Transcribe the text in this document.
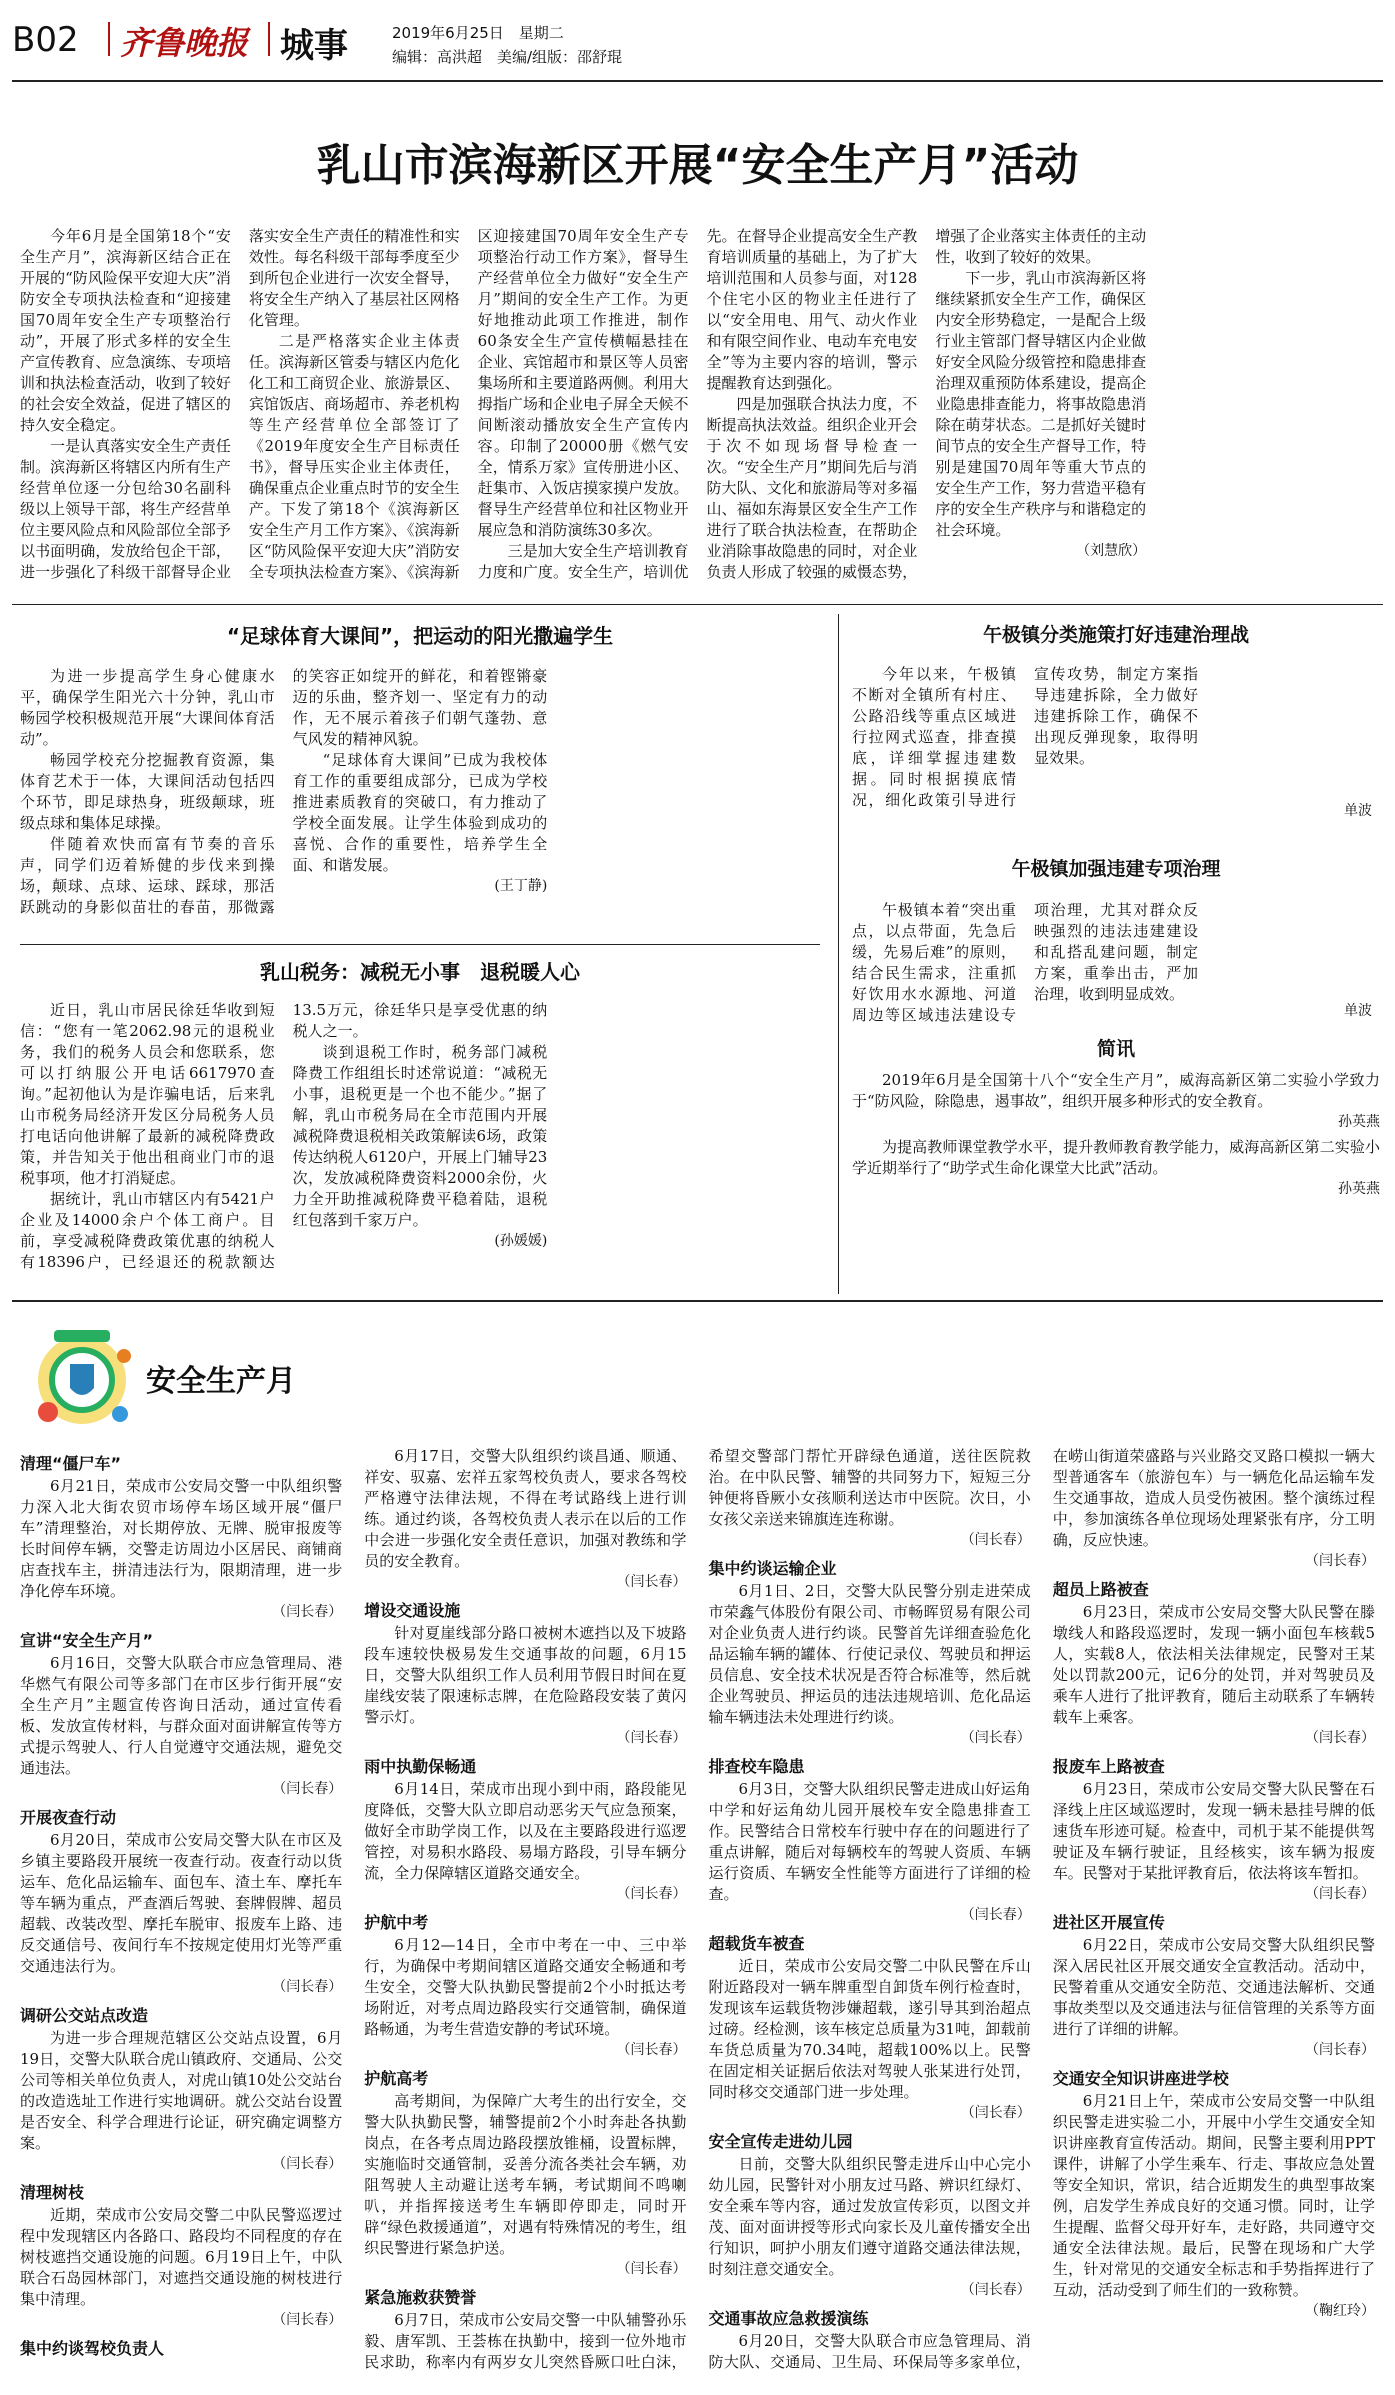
B02 齐鲁晚报 城事	2019年6月25日　星期二
编辑：高洪超　美编/组版：邵舒琨
乳山市滨海新区开展“安全生产月”活动

今年6月是全国第18个“安全生产月”，滨海新区结合正在开展的“防风险保平安迎大庆”消防安全专项执法检查和“迎接建国70周年安全生产专项整治行动”，开展了形式多样的安全生产宣传教育、应急演练、专项培训和执法检查活动，收到了较好的社会安全效益，促进了辖区的持久安全稳定。

一是认真落实安全生产责任制。滨海新区将辖区内所有生产经营单位逐一分包给30名副科级以上领导干部，将生产经营单位主要风险点和风险部位全部予以书面明确，发放给包企干部，进一步强化了科级干部督导企业落实安全生产责任的精准性和实效性。每名科级干部每季度至少到所包企业进行一次安全督导，将安全生产纳入了基层社区网格化管理。

二是严格落实企业主体责任。滨海新区管委与辖区内危化化工和工商贸企业、旅游景区、宾馆饭店、商场超市、养老机构等生产经营单位全部签订了《2019年度安全生产目标责任书》，督导压实企业主体责任，确保重点企业重点时节的安全生产。下发了第18个《滨海新区安全生产月工作方案》、《滨海新区“防风险保平安迎大庆”消防安全专项执法检查方案》、《滨海新区迎接建国70周年安全生产专项整治行动工作方案》，督导生产经营单位全力做好“安全生产月”期间的安全生产工作。为更好地推动此项工作推进，制作60条安全生产宣传横幅悬挂在企业、宾馆超市和景区等人员密集场所和主要道路两侧。利用大拇指广场和企业电子屏全天候不间断滚动播放安全生产宣传内容。印制了20000册《燃气安全，情系万家》宣传册进小区、赶集市、入饭店摸家摸户发放。督导生产经营单位和社区物业开展应急和消防演练30多次。

三是加大安全生产培训教育力度和广度。安全生产，培训优先。在督导企业提高安全生产教育培训质量的基础上，为了扩大培训范围和人员参与面，对128个住宅小区的物业主任进行了以“安全用电、用气、动火作业和有限空间作业、电动车充电安全”等为主要内容的培训，警示提醒教育达到强化。

四是加强联合执法力度，不断提高执法效益。组织企业开会于次不如现场督导检查一次。“安全生产月”期间先后与消防大队、文化和旅游局等对多福山、福如东海景区安全生产工作进行了联合执法检查，在帮助企业消除事故隐患的同时，对企业负责人形成了较强的威慑态势，增强了企业落实主体责任的主动性，收到了较好的效果。

下一步，乳山市滨海新区将继续紧抓安全生产工作，确保区内安全形势稳定，一是配合上级行业主管部门督导辖区内企业做好安全风险分级管控和隐患排查治理双重预防体系建设，提高企业隐患排查能力，将事故隐患消除在萌芽状态。二是抓好关键时间节点的安全生产督导工作，特别是建国70周年等重大节点的安全生产工作，努力营造平稳有序的安全生产秩序与和谐稳定的社会环境。

（刘慧欣）
“足球体育大课间”，把运动的阳光撒遍学生

为进一步提高学生身心健康水平，确保学生阳光六十分钟，乳山市畅园学校积极规范开展“大课间体育活动”。

畅园学校充分挖掘教育资源，集体育艺术于一体，大课间活动包括四个环节，即足球热身，班级颠球，班级点球和集体足球操。

伴随着欢快而富有节奏的音乐声，同学们迈着矫健的步伐来到操场，颠球、点球、运球、踩球，那活跃跳动的身影似苗壮的春苗，那微露的笑容正如绽开的鲜花，和着铿锵豪迈的乐曲，整齐划一、坚定有力的动作，无不展示着孩子们朝气蓬勃、意气风发的精神风貌。

“足球体育大课间”已成为我校体育工作的重要组成部分，已成为学校推进素质教育的突破口，有力推动了学校全面发展。让学生体验到成功的喜悦、合作的重要性，培养学生全面、和谐发展。

(王丁静)
乳山税务：减税无小事　退税暖人心

近日，乳山市居民徐廷华收到短信：“您有一笔2062.98元的退税业务，我们的税务人员会和您联系，您可以打纳服公开电话6617970查询。”起初他认为是诈骗电话，后来乳山市税务局经济开发区分局税务人员打电话向他讲解了最新的减税降费政策，并告知关于他出租商业门市的退税事项，他才打消疑虑。

据统计，乳山市辖区内有5421户企业及14000余户个体工商户。目前，享受减税降费政策优惠的纳税人有18396户，已经退还的税款额达13.5万元，徐廷华只是享受优惠的纳税人之一。

谈到退税工作时，税务部门减税降费工作组组长时述常说道：“减税无小事，退税更是一个也不能少。”据了解，乳山市税务局在全市范围内开展减税降费退税相关政策解读6场，政策传达纳税人6120户，开展上门辅导23次，发放减税降费资料2000余份，火力全开助推减税降费平稳着陆，退税红包落到千家万户。

(孙媛媛)
午极镇分类施策打好违建治理战

今年以来，午极镇不断对全镇所有村庄、公路沿线等重点区域进行拉网式巡查，排查摸底，详细掌握违建数据。同时根据摸底情况，细化政策引导进行宣传攻势，制定方案指导违建拆除，全力做好违建拆除工作，确保不出现反弹现象，取得明显效果。

单波
午极镇加强违建专项治理

午极镇本着“突出重点，以点带面，先急后缓，先易后难”的原则，结合民生需求，注重抓好饮用水水源地、河道周边等区域违法建设专项治理，尤其对群众反映强烈的违法违建建设和乱搭乱建问题，制定方案，重拳出击，严加治理，收到明显成效。

单波
简讯

2019年6月是全国第十八个“安全生产月”，威海高新区第二实验小学致力于“防风险，除隐患，遏事故”，组织开展多种形式的安全教育。

孙英燕

为提高教师课堂教学水平，提升教师教育教学能力，威海高新区第二实验小学近期举行了“助学式生命化课堂大比武”活动。

孙英燕
安全生产月
清理“僵尸车”

6月21日，荣成市公安局交警一中队组织警力深入北大街农贸市场停车场区域开展“僵尸车”清理整治，对长期停放、无牌、脱审报废等长时间停车辆，交警走访周边小区居民、商铺商店查找车主，拼清违法行为，限期清理，进一步净化停车环境。

（闫长春）
宣讲“安全生产月”

6月16日，交警大队联合市应急管理局、港华燃气有限公司等多部门在市区步行街开展“安全生产月”主题宣传咨询日活动，通过宣传看板、发放宣传材料，与群众面对面讲解宣传等方式提示驾驶人、行人自觉遵守交通法规，避免交通违法。

（闫长春）
开展夜查行动

6月20日，荣成市公安局交警大队在市区及乡镇主要路段开展统一夜查行动。夜查行动以货运车、危化品运输车、面包车、渣土车、摩托车等车辆为重点，严查酒后驾驶、套牌假牌、超员超载、改装改型、摩托车脱审、报废车上路、违反交通信号、夜间行车不按规定使用灯光等严重交通违法行为。

（闫长春）
调研公交站点改造

为进一步合理规范辖区公交站点设置，6月19日，交警大队联合虎山镇政府、交通局、公交公司等相关单位负责人，对虎山镇10处公交站台的改造选址工作进行实地调研。就公交站台设置是否安全、科学合理进行论证，研究确定调整方案。

（闫长春）
清理树枝

近期，荣成市公安局交警二中队民警巡逻过程中发现辖区内各路口、路段均不同程度的存在树枝遮挡交通设施的问题。6月19日上午，中队联合石岛园林部门，对遮挡交通设施的树枝进行集中清理。

（闫长春）
集中约谈驾校负责人

6月17日，交警大队组织约谈昌通、顺通、祥安、驭嘉、宏祥五家驾校负责人，要求各驾校严格遵守法律法规，不得在考试路线上进行训练。通过约谈，各驾校负责人表示在以后的工作中会进一步强化安全责任意识，加强对教练和学员的安全教育。

（闫长春）
增设交通设施

针对夏崖线部分路口被树木遮挡以及下坡路段车速较快极易发生交通事故的问题，6月15日，交警大队组织工作人员利用节假日时间在夏崖线安装了限速标志牌，在危险路段安装了黄闪警示灯。

（闫长春）
雨中执勤保畅通

6月14日，荣成市出现小到中雨，路段能见度降低，交警大队立即启动恶劣天气应急预案，做好全市助学岗工作，以及在主要路段进行巡逻管控，对易积水路段、易塌方路段，引导车辆分流，全力保障辖区道路交通安全。

（闫长春）
护航中考

6月12—14日，全市中考在一中、三中举行，为确保中考期间辖区道路交通安全畅通和考生安全，交警大队执勤民警提前2个小时抵达考场附近，对考点周边路段实行交通管制，确保道路畅通，为考生营造安静的考试环境。

（闫长春）
护航高考

高考期间，为保障广大考生的出行安全，交警大队执勤民警，辅警提前2个小时奔赴各执勤岗点，在各考点周边路段摆放锥桶，设置标牌，实施临时交通管制，妥善分流各类社会车辆，劝阻驾驶人主动避让送考车辆，考试期间不鸣喇叭，并指挥接送考生车辆即停即走，同时开辟“绿色救援通道”，对遇有特殊情况的考生，组织民警进行紧急护送。

（闫长春）
紧急施救获赞誉

6月7日，荣成市公安局交警一中队辅警孙乐毅、唐军凯、王荟栋在执勤中，接到一位外地市民求助，称率内有两岁女儿突然昏厥口吐白沫，希望交警部门帮忙开辟绿色通道，送往医院救治。在中队民警、辅警的共同努力下，短短三分钟便将昏厥小女孩顺利送达市中医院。次日，小女孩父亲送来锦旗连连称谢。

（闫长春）
集中约谈运输企业

6月1日、2日，交警大队民警分别走进荣成市荣鑫气体股份有限公司、市畅晖贸易有限公司对企业负责人进行约谈。民警首先详细查验危化品运输车辆的罐体、行使记录仪、驾驶员和押运员信息、安全技术状况是否符合标准等，然后就企业驾驶员、押运员的违法违规培训、危化品运输车辆违法未处理进行约谈。

（闫长春）
排查校车隐患

6月3日，交警大队组织民警走进成山好运角中学和好运角幼儿园开展校车安全隐患排查工作。民警结合日常校车行驶中存在的问题进行了重点讲解，随后对每辆校车的驾驶人资质、车辆运行资质、车辆安全性能等方面进行了详细的检查。

（闫长春）
超载货车被查

近日，荣成市公安局交警二中队民警在斥山附近路段对一辆车牌重型自卸货车例行检查时，发现该车运载货物涉嫌超载，遂引导其到治超点过磅。经检测，该车核定总质量为31吨，卸载前车货总质量为70.34吨，超载100%以上。民警在固定相关证据后依法对驾驶人张某进行处罚，同时移交交通部门进一步处理。

（闫长春）
安全宣传走进幼儿园

日前，交警大队组织民警走进斥山中心完小幼儿园，民警针对小朋友过马路、辨识红绿灯、安全乘车等内容，通过发放宣传彩页，以图文并茂、面对面讲授等形式向家长及儿童传播安全出行知识，呵护小朋友们遵守道路交通法律法规，时刻注意交通安全。

（闫长春）
交通事故应急救援演练

6月20日，交警大队联合市应急管理局、消防大队、交通局、卫生局、环保局等多家单位，在崂山街道荣盛路与兴业路交叉路口模拟一辆大型普通客车（旅游包车）与一辆危化品运输车发生交通事故，造成人员受伤被困。整个演练过程中，参加演练各单位现场处理紧张有序，分工明确，反应快速。

（闫长春）
超员上路被查

6月23日，荣成市公安局交警大队民警在滕墩线人和路段巡逻时，发现一辆小面包车核载5人，实载8人，依法相关法律规定，民警对王某处以罚款200元，记6分的处罚，并对驾驶员及乘车人进行了批评教育，随后主动联系了车辆转载车上乘客。

（闫长春）
报废车上路被查

6月23日，荣成市公安局交警大队民警在石泽线上庄区域巡逻时，发现一辆未悬挂号牌的低速货车形迹可疑。检查中，司机于某不能提供驾驶证及车辆行驶证，且经核实，该车辆为报废车。民警对于某批评教育后，依法将该车暂扣。

（闫长春）
进社区开展宣传

6月22日，荣成市公安局交警大队组织民警深入居民社区开展交通安全宣教活动。活动中，民警着重从交通安全防范、交通违法解析、交通事故类型以及交通违法与征信管理的关系等方面进行了详细的讲解。

（闫长春）
交通安全知识讲座进学校

6月21日上午，荣成市公安局交警一中队组织民警走进实验二小，开展中小学生交通安全知识讲座教育宣传活动。期间，民警主要利用PPT课件，讲解了小学生乘车、行走、事故应急处置等安全知识，常识，结合近期发生的典型事故案例，启发学生养成良好的交通习惯。同时，让学生提醒、监督父母开好车，走好路，共同遵守交通安全法律法规。最后，民警在现场和广大学生，针对常见的交通安全标志和手势指挥进行了互动，活动受到了师生们的一致称赞。

（鞠红玲）
